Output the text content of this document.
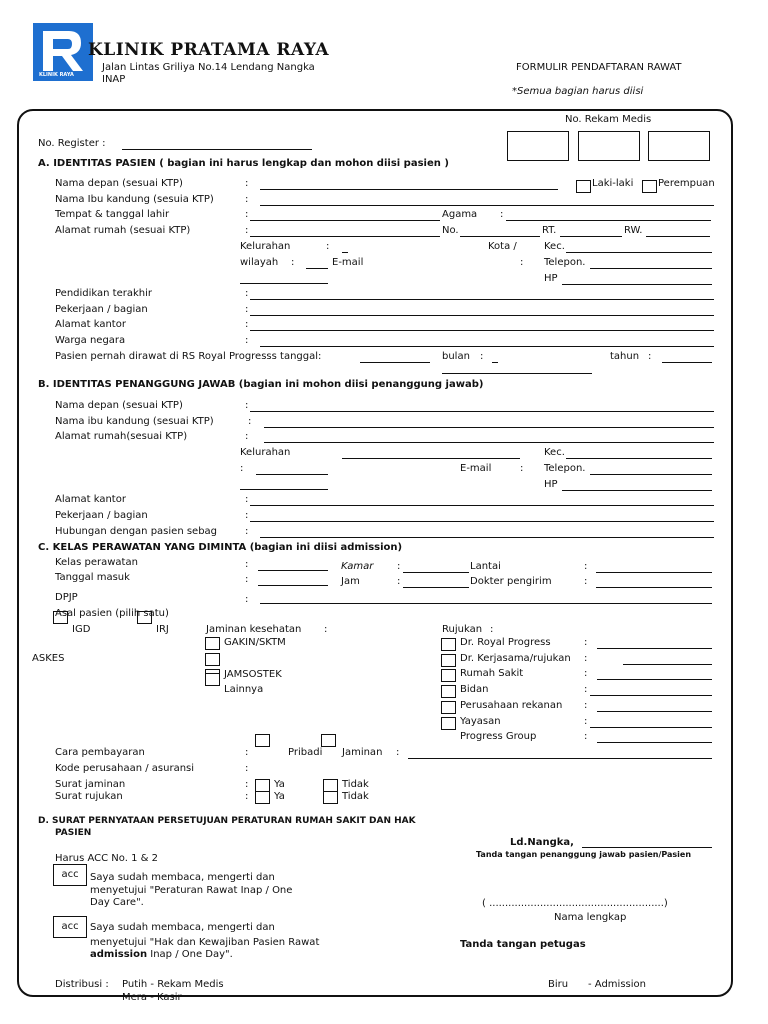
KLINIK RAYA
KLINIK PRATAMA RAYA
Jalan Lintas Griliya No.14 Lendang Nangka
INAP
FORMULIR PENDAFTARAN RAWAT
*Semua bagian harus diisi
No. Rekam Medis
No. Register :
A. IDENTITAS PASIEN ( bagian ini harus lengkap dan mohon diisi pasien )
Nama depan (sesuai KTP)	:	Laki-laki Perempuan
Nama Ibu kandung (sesuia KTP)	:
Tempat & tanggal lahir	:	Agama :
Alamat rumah (sesuai KTP)	:	No.	RT.	RW.
Kelurahan	:	Kota /	Kec.
wilayah :	E-mail	: Telepon.
HP
Pendidikan terakhir	:
Pekerjaan / bagian	:
Alamat kantor	:
Warga negara	:
Pasien pernah dirawat di RS Royal Progresss tanggal:	bulan :	tahun :
B. IDENTITAS PENANGGUNG JAWAB (bagian ini mohon diisi penanggung jawab)
Nama depan (sesuai KTP)	:
Nama ibu kandung (sesuai KTP)	:
Alamat rumah(sesuai KTP)	:
Kelurahan	Kec.
:	E-mail	: Telepon.
HP
Alamat kantor	:
Pekerjaan / bagian	:
Hubungan dengan pasien sebag	:
C. KELAS PERAWATAN YANG DIMINTA (bagian ini diisi admission)
Kelas perawatan	:	Kamar :	Lantai	:
Tanggal masuk	:	Jam	:	Dokter pengirim	:
DPJP	:
Asal pasien (pilih satu)
IGD	IRJ	Jaminan kesehatan :
ASKES
GAKIN/SKTM
JAMSOSTEK
Lainnya
Rujukan :
Dr. Royal Progress	:
Dr. Kerjasama/rujukan :
Rumah Sakit	:
Bidan	:
Perusahaan rekanan :
Yayasan	:
Progress Group	:
Cara pembayaran	:	Pribadi Jaminan :
Kode perusahaan / asuransi	:
Surat jaminan	:	Ya	Tidak
Surat rujukan	:	Ya	Tidak
D. SURAT PERNYATAAN PERSETUJUAN PERATURAN RUMAH SAKIT DAN HAK
PASIEN
Ld.Nangka,
Tanda tangan penanggung jawab pasien/Pasien
Harus ACC No. 1 & 2
acc	Saya sudah membaca, mengerti dan
menyetujui "Peraturan Rawat Inap / One
Day Care".	( .......................................................)
Nama lengkap
acc	Saya sudah membaca, mengerti dan
menyetujui "Hak dan Kewajiban Pasien Rawat
admission Inap / One Day".
Tanda tangan petugas
Distribusi : Putih - Rekam Medis
Mera - Kasir
Biru - Admission
